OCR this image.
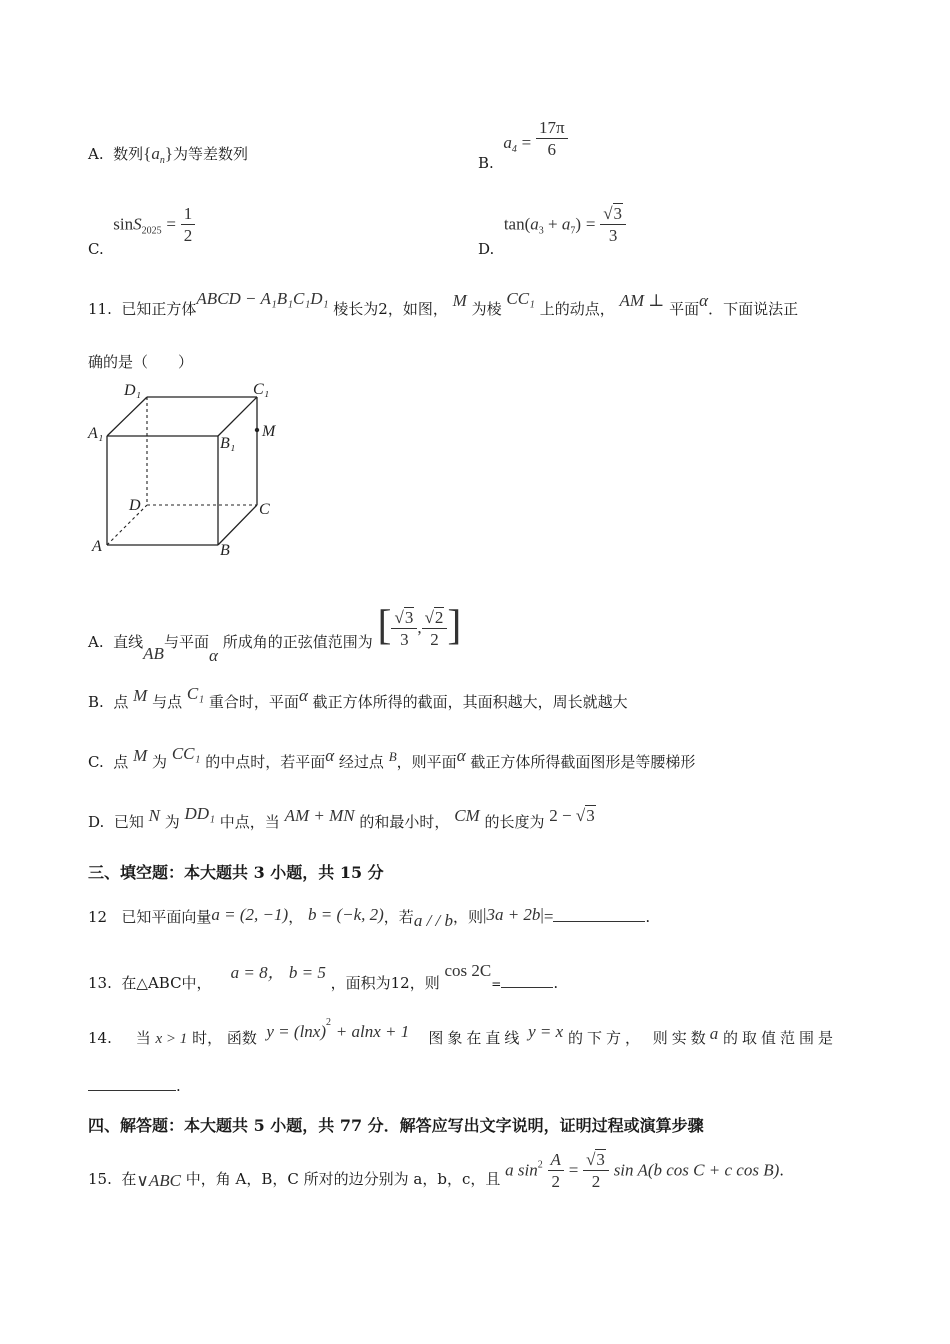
A. 数列$\{a_n\}$为等差数列	B.  $a_4 = \frac{17\pi}{6}$
C.  $\sin S_{2025} = \frac{1}{2}$
D.  $\tan(a_3 + a_7) = \frac{√3}{3}$
11. 已知正方体ABCD − A₁B₁C₁D₁ 棱长为2，如图， M 为棱 CC₁ 上的动点， AM ⊥ 平面α．下面说法正
确的是（　　）
D₁	C₁
A₁
B₁
M
D	C
A	B
A. 直线AB与平面α 所成角的正弦值范围为 [ $\frac{√3}{3}$ , $\frac{√2}{2}$ ]
B. 点 M 与点 C₁ 重合时，平面α 截正方体所得的截面，其面积越大，周长就越大
C. 点 M 为 CC₁ 的中点时，若平面α 经过点 B，则平面α 截正方体所得截面图形是等腰梯形
D. 已知 N 为 DD₁ 中点，当 AM + MN 的和最小时， CM 的长度为 2 − √3
三、填空题：本大题共 3 小题，共 15 分
12 已知平面向量a = (2, −1)， b = (−k, 2)，若a / / b，则|3a + 2b|=	.
13. 在△ABC中，    a = 8， b = 5 ，面积为12，则 cos 2C=	.
14. 当 x > 1 时， 函数 $y = (\ln x)^2 + alnx + 1$ 图象在直线 y = x 的下方， 则实数a 的取值范围是
.
四、解答题：本大题共 5 小题，共 77 分．解答应写出文字说明，证明过程或演算步骤
15. 在∨ABC 中，角 A，B，C 所对的边分别为 a，b，c，且 a $\sin^2 \frac{A}{2} = \frac{√3}{2}$ sin A(b cos C + c cos B).
